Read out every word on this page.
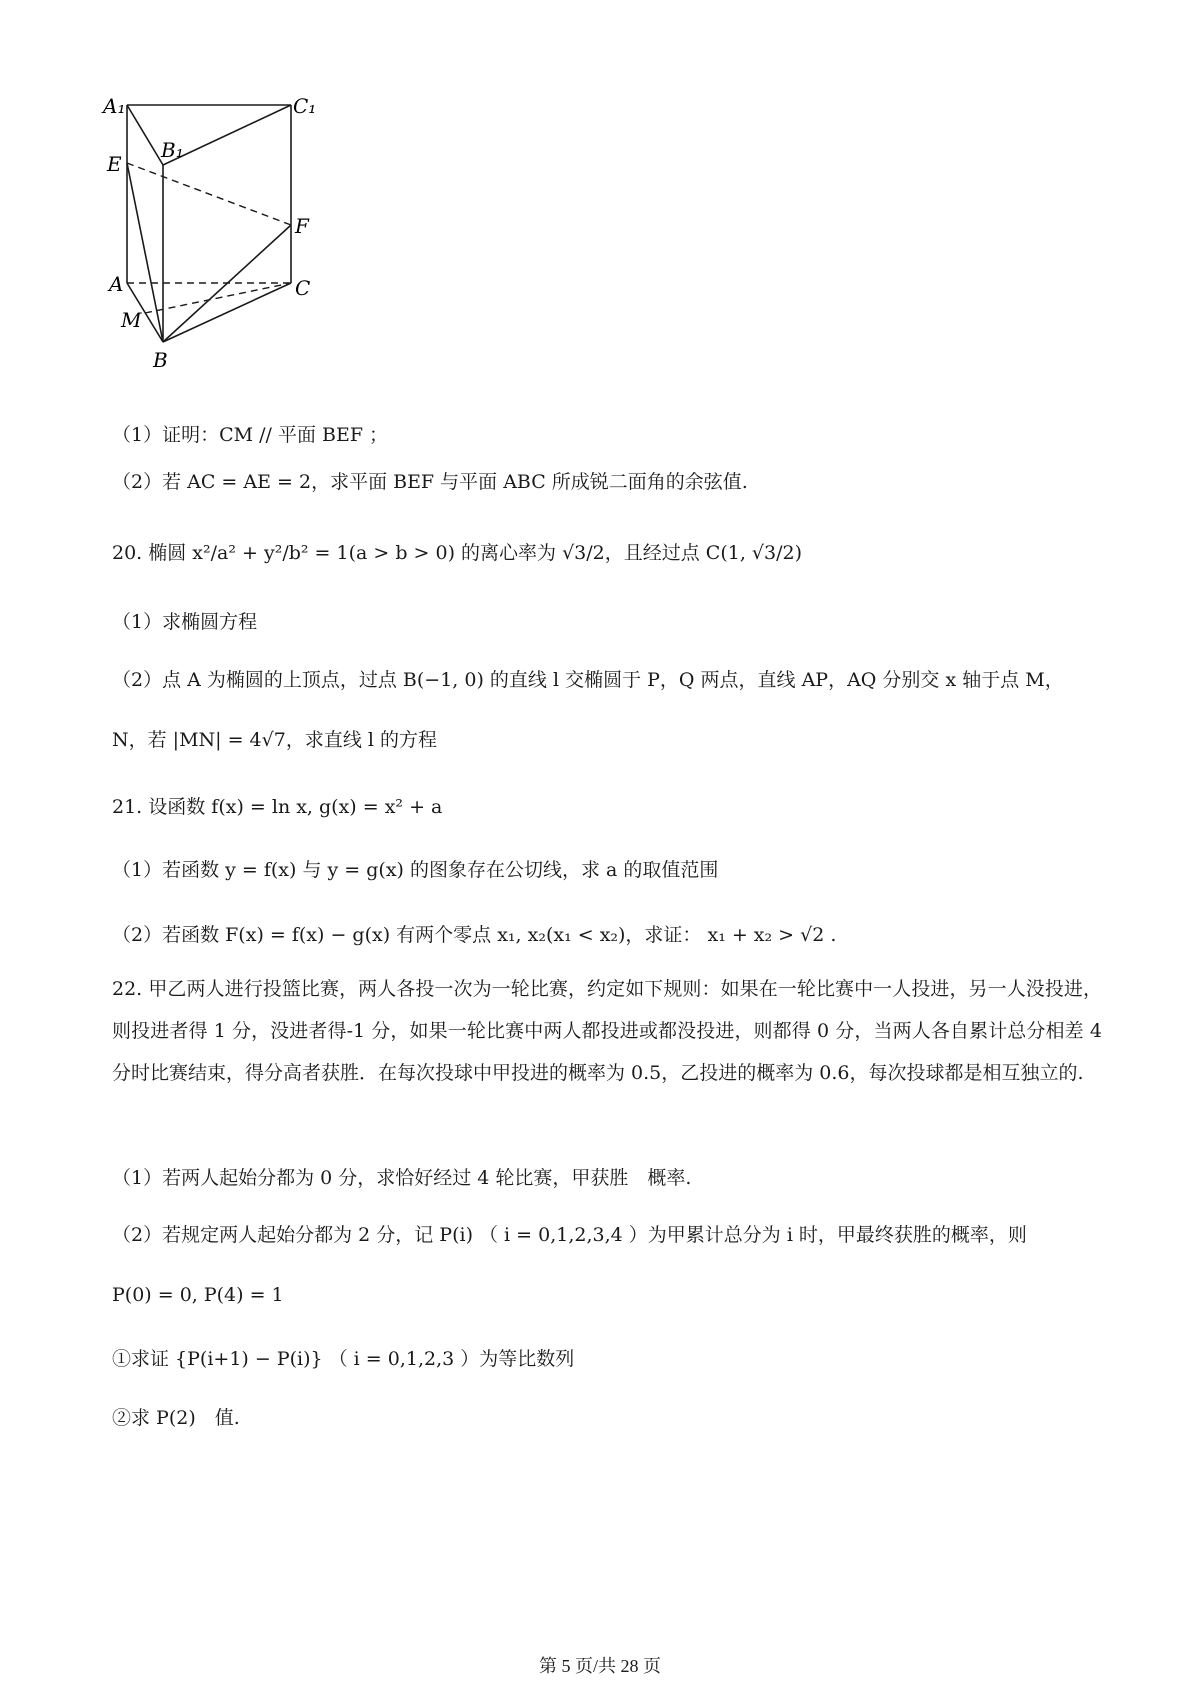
A₁	C₁
B₁
E
F
A	C
M
B
（1）证明：CM // 平面 BEF ；
（2）若 AC = AE = 2，求平面 BEF 与平面 ABC 所成锐二面角的余弦值.
20. 椭圆 x²/a² + y²/b² = 1(a > b > 0) 的离心率为 √3/2，且经过点 C(1, √3/2)
（1）求椭圆方程
（2）点 A 为椭圆的上顶点，过点 B(−1, 0) 的直线 l 交椭圆于 P，Q 两点，直线 AP，AQ 分别交 x 轴于点 M，
N，若 |MN| = 4√7，求直线 l 的方程
21. 设函数 f(x) = ln x, g(x) = x² + a
（1）若函数 y = f(x) 与 y = g(x) 的图象存在公切线，求 a 的取值范围
（2）若函数 F(x) = f(x) − g(x) 有两个零点 x₁, x₂(x₁ < x₂)，求证： x₁ + x₂ > √2 .
22. 甲乙两人进行投篮比赛，两人各投一次为一轮比赛，约定如下规则：如果在一轮比赛中一人投进，另一人没投进，则投进者得 1 分，没进者得-1 分，如果一轮比赛中两人都投进或都没投进，则都得 0 分，当两人各自累计总分相差 4 分时比赛结束，得分高者获胜．在每次投球中甲投进的概率为 0.5，乙投进的概率为 0.6，每次投球都是相互独立的.
（1）若两人起始分都为 0 分，求恰好经过 4 轮比赛，甲获胜　概率.
（2）若规定两人起始分都为 2 分，记 P(i) （ i = 0,1,2,3,4 ）为甲累计总分为 i 时，甲最终获胜的概率，则
P(0) = 0, P(4) = 1
①求证 {P(i+1) − P(i)} （ i = 0,1,2,3 ）为等比数列
②求 P(2)　值.
第 5 页/共 28 页
